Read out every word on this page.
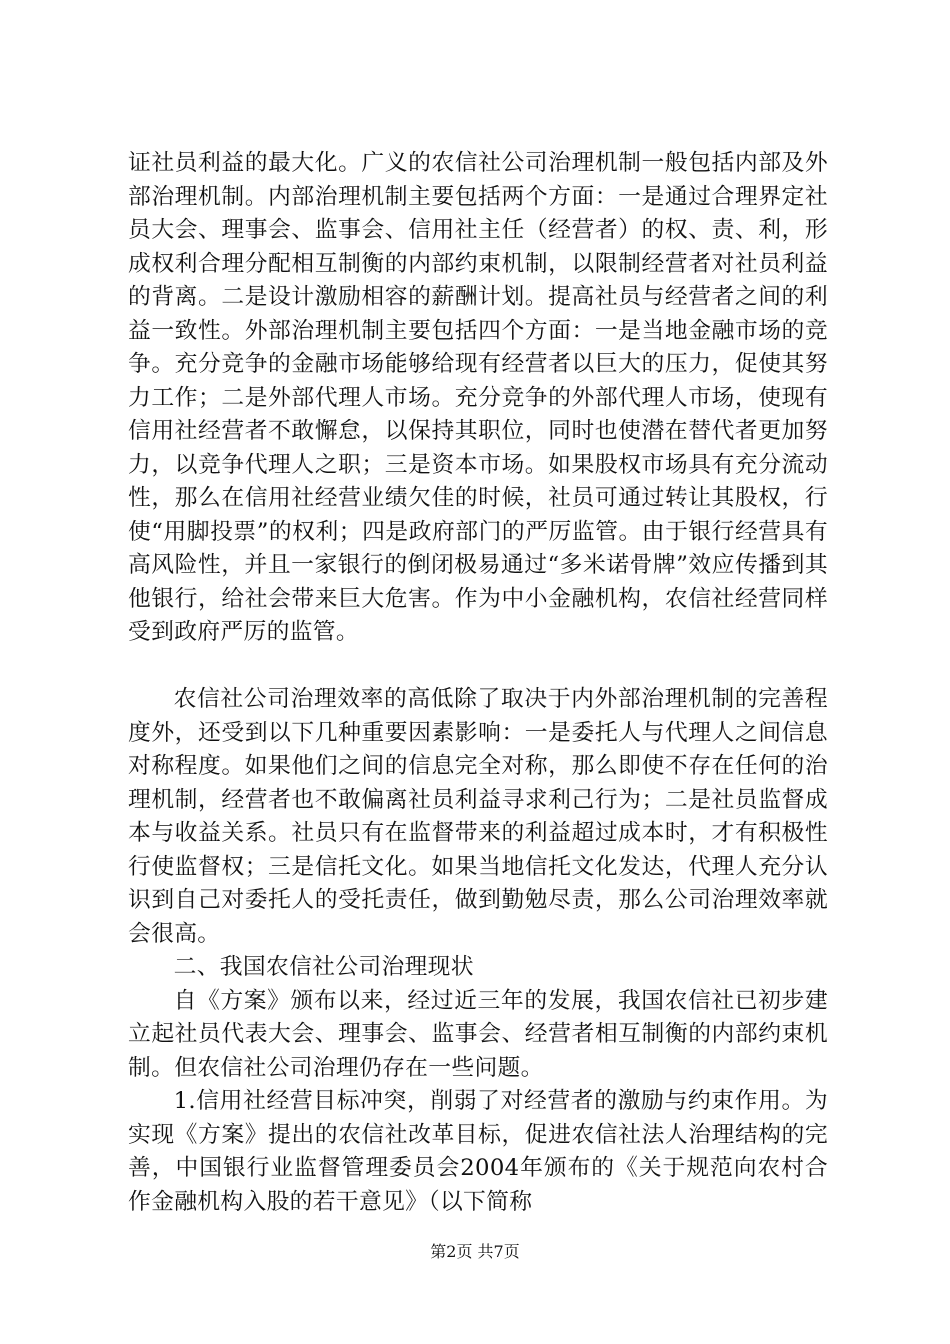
证社员利益的最大化。广义的农信社公司治理机制一般包括内部及外部治理机制。内部治理机制主要包括两个方面：一是通过合理界定社员大会、理事会、监事会、信用社主任（经营者）的权、责、利，形成权利合理分配相互制衡的内部约束机制，以限制经营者对社员利益的背离。二是设计激励相容的薪酬计划。提高社员与经营者之间的利益一致性。外部治理机制主要包括四个方面：一是当地金融市场的竞争。充分竞争的金融市场能够给现有经营者以巨大的压力，促使其努力工作；二是外部代理人市场。充分竞争的外部代理人市场，使现有信用社经营者不敢懈怠，以保持其职位，同时也使潜在替代者更加努力，以竞争代理人之职；三是资本市场。如果股权市场具有充分流动性，那么在信用社经营业绩欠佳的时候，社员可通过转让其股权，行使“用脚投票”的权利；四是政府部门的严厉监管。由于银行经营具有高风险性，并且一家银行的倒闭极易通过“多米诺骨牌”效应传播到其他银行，给社会带来巨大危害。作为中小金融机构，农信社经营同样受到政府严厉的监管。

农信社公司治理效率的高低除了取决于内外部治理机制的完善程度外，还受到以下几种重要因素影响：一是委托人与代理人之间信息对称程度。如果他们之间的信息完全对称，那么即使不存在任何的治理机制，经营者也不敢偏离社员利益寻求利己行为；二是社员监督成本与收益关系。社员只有在监督带来的利益超过成本时，才有积极性行使监督权；三是信托文化。如果当地信托文化发达，代理人充分认识到自己对委托人的受托责任，做到勤勉尽责，那么公司治理效率就会很高。

二、我国农信社公司治理现状

自《方案》颁布以来，经过近三年的发展，我国农信社已初步建立起社员代表大会、理事会、监事会、经营者相互制衡的内部约束机制。但农信社公司治理仍存在一些问题。

1.信用社经营目标冲突，削弱了对经营者的激励与约束作用。为实现《方案》提出的农信社改革目标，促进农信社法人治理结构的完善，中国银行业监督管理委员会2004年颁布的《关于规范向农村合作金融机构入股的若干意见》（以下简称

第2页 共7页
